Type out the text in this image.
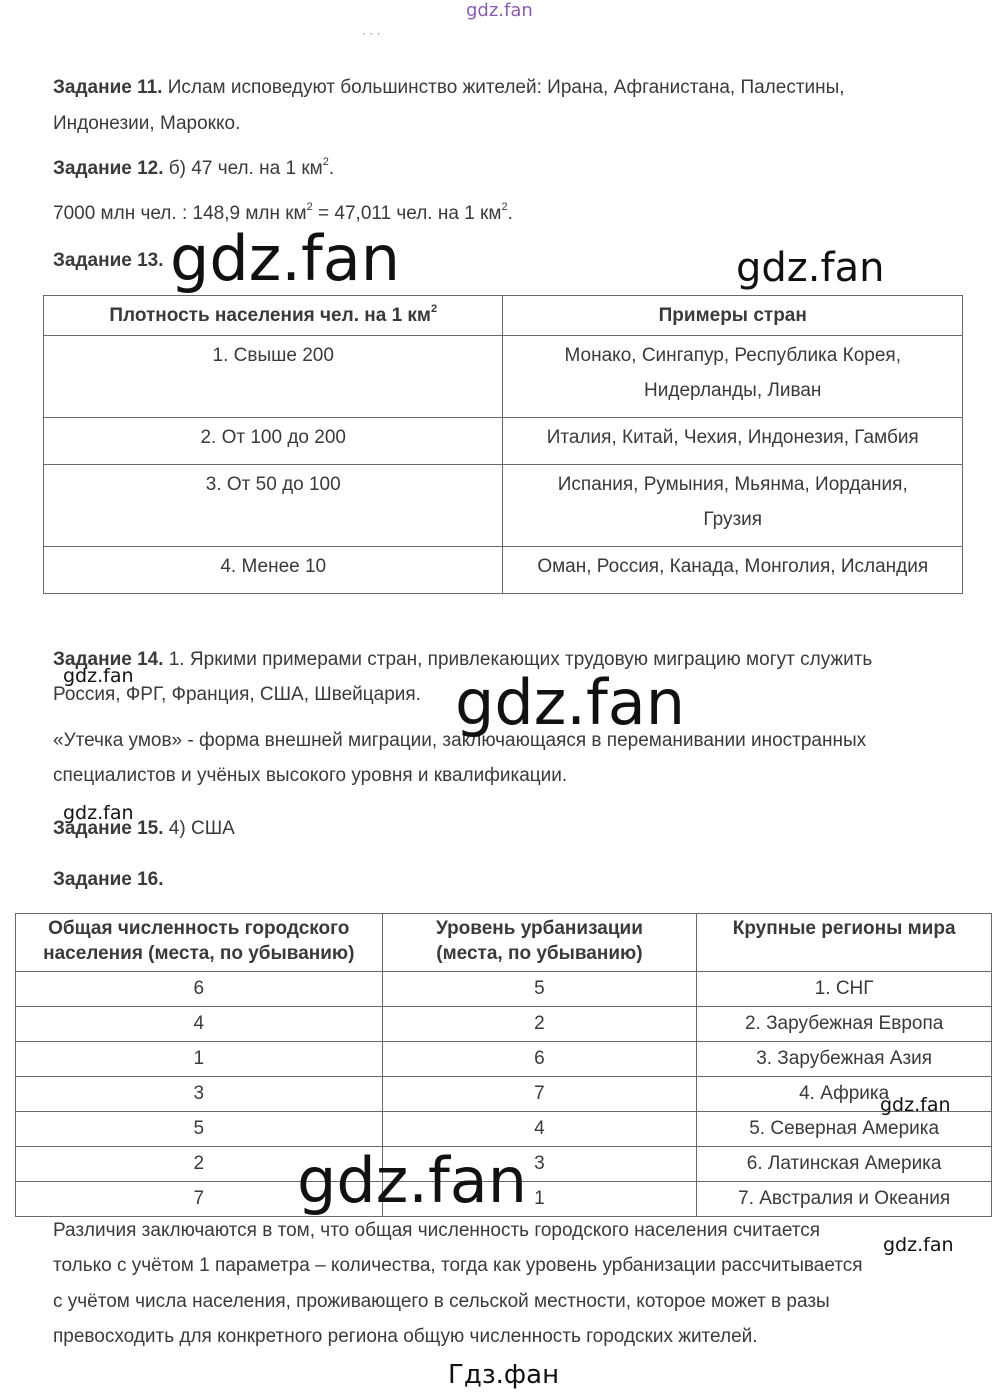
gdz.fan
· · ·

Задание 11. Ислам исповедуют большинство жителей: Ирана, Афганистана, Палестины,

Индонезии, Марокко.

Задание 12. б) 47 чел. на 1 $км^2$.

7000 млн чел. : 148,9 млн $км^2 = 47,011$ чел. на 1 $км^2$.

Задание 13.

Плотность населения чел. на 1 $км^2$	Примеры стран
1. Свыше 200	Монако, Сингапур, Республика Корея,
Нидерланды, Ливан
2. От 100 до 200	Италия, Китай, Чехия, Индонезия, Гамбия
3. От 50 до 100	Испания, Румыния, Мьянма, Иордания,
Грузия
4. Менее 10	Оман, Россия, Канада, Монголия, Исландия

Задание 14. 1. Яркими примерами стран, привлекающих трудовую миграцию могут служить

Россия, ФРГ, Франция, США, Швейцария.

«Утечка умов» - форма внешней миграции, заключающаяся в переманивании иностранных

специалистов и учёных высокого уровня и квалификации.

Задание 15. 4) США

Задание 16.

Общая численность городского
населения (места, по убыванию)	Уровень урбанизации
(места, по убыванию)	Крупные регионы мира
6	5	1. СНГ
4	2	2. Зарубежная Европа
1	6	3. Зарубежная Азия
3	7	4. Африка
5	4	5. Северная Америка
2	3	6. Латинская Америка
7	1	7. Австралия и Океания

Различия заключаются в том, что общая численность городского населения считается

только с учётом 1 параметра – количества, тогда как уровень урбанизации рассчитывается

с учётом числа населения, проживающего в сельской местности, которое может в разы

превосходить для конкретного региона общую численность городских жителей.

gdz.fan	gdz.fan
gdz.fan	gdz.fan
gdz.fan
gdz.fan
gdz.fan
gdz.fan
Гдз.фан
